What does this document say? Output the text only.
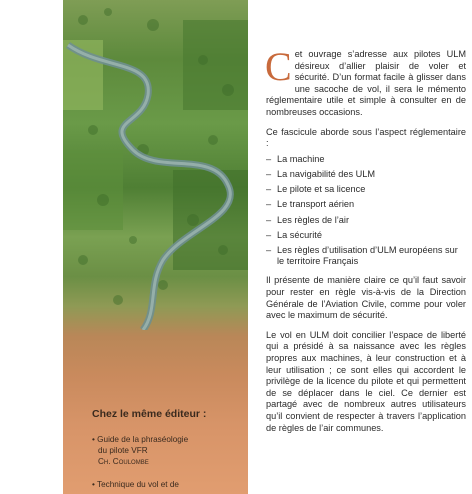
Chez le même éditeur :
• Guide de la phraséologie
du pilote VFR
Ch. Coulombe
• Technique du vol et de

C et ouvrage s’adresse aux pilotes ULM désireux d’allier plaisir de voler et sécurité. D’un format facile à glisser dans une sacoche de vol, il sera le mémento réglementaire utile et simple à consulter en de nombreuses occasions.

Ce fascicule aborde sous l’aspect réglementaire :

– La machine
– La navigabilité des ULM
– Le pilote et sa licence
– Le transport aérien
– Les règles de l’air
– La sécurité
– Les règles d’utilisation d’ULM européens sur le territoire Français

Il présente de manière claire ce qu’il faut savoir pour rester en règle vis-à-vis de la Direction Générale de l’Aviation Civile, comme pour voler avec le maximum de sécurité.

Le vol en ULM doit concilier l’espace de liberté qui a présidé à sa naissance avec les règles propres aux machines, à leur construction et à leur utilisation ; ce sont elles qui accordent le privilège de la licence du pilote et qui permettent de se déplacer dans le ciel. Ce dernier est partagé avec de nombreux autres utilisateurs qu’il convient de respecter à travers l’application de règles de l’air communes.
